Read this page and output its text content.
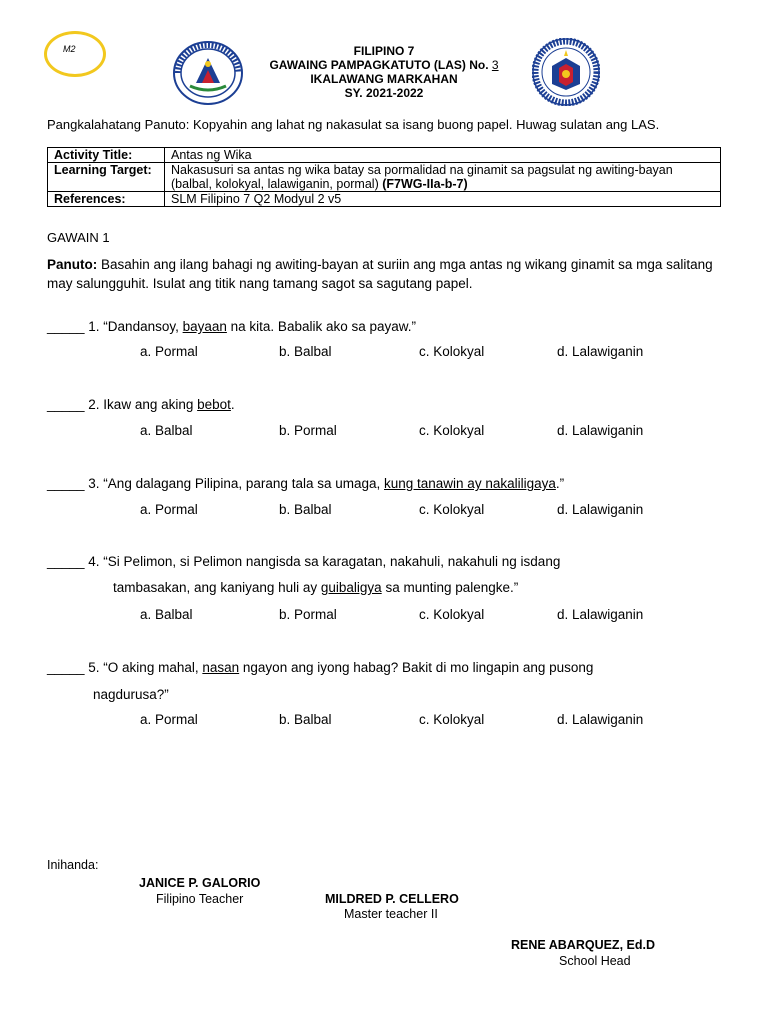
M2	FILIPINO 7
GAWAING PAMPAGKATUTO (LAS) No. 3
IKALAWANG MARKAHAN
SY. 2021-2022
Pangkalahatang Panuto: Kopyahin ang lahat ng nakasulat sa isang buong papel. Huwag sulatan ang LAS.
Activity Title:	Antas ng Wika
Learning Target:	Nakasusuri sa antas ng wika batay sa pormalidad na ginamit sa pagsulat ng awiting-bayan (balbal, kolokyal, lalawiganin, pormal) (F7WG-IIa-b-7)
References:	SLM Filipino 7 Q2 Modyul 2 v5
GAWAIN 1
Panuto: Basahin ang ilang bahagi ng awiting-bayan at suriin ang mga antas ng wikang ginamit sa mga salitang may salungguhit. Isulat ang titik nang tamang sagot sa sagutang papel.
_____ 1. “Dandansoy, bayaan na kita. Babalik ako sa payaw.”
a. Pormal	b. Balbal	c. Kolokyal	d. Lalawiganin
_____ 2. Ikaw ang aking bebot.
a. Balbal	b. Pormal	c. Kolokyal	d. Lalawiganin
_____ 3. “Ang dalagang Pilipina, parang tala sa umaga, kung tanawin ay nakaliligaya.”
a. Pormal	b. Balbal	c. Kolokyal	d. Lalawiganin
_____ 4. “Si Pelimon, si Pelimon nangisda sa karagatan, nakahuli, nakahuli ng isdang
tambasakan, ang kaniyang huli ay guibaligya sa munting palengke.”
a. Balbal	b. Pormal	c. Kolokyal	d. Lalawiganin
_____ 5. “O aking mahal, nasan ngayon ang iyong habag? Bakit di mo lingapin ang pusong
nagdurusa?”
a. Pormal	b. Balbal	c. Kolokyal	d. Lalawiganin
Inihanda:
JANICE P. GALORIO
Filipino Teacher	MILDRED P. CELLERO
Master teacher II
RENE ABARQUEZ, Ed.D
School Head
